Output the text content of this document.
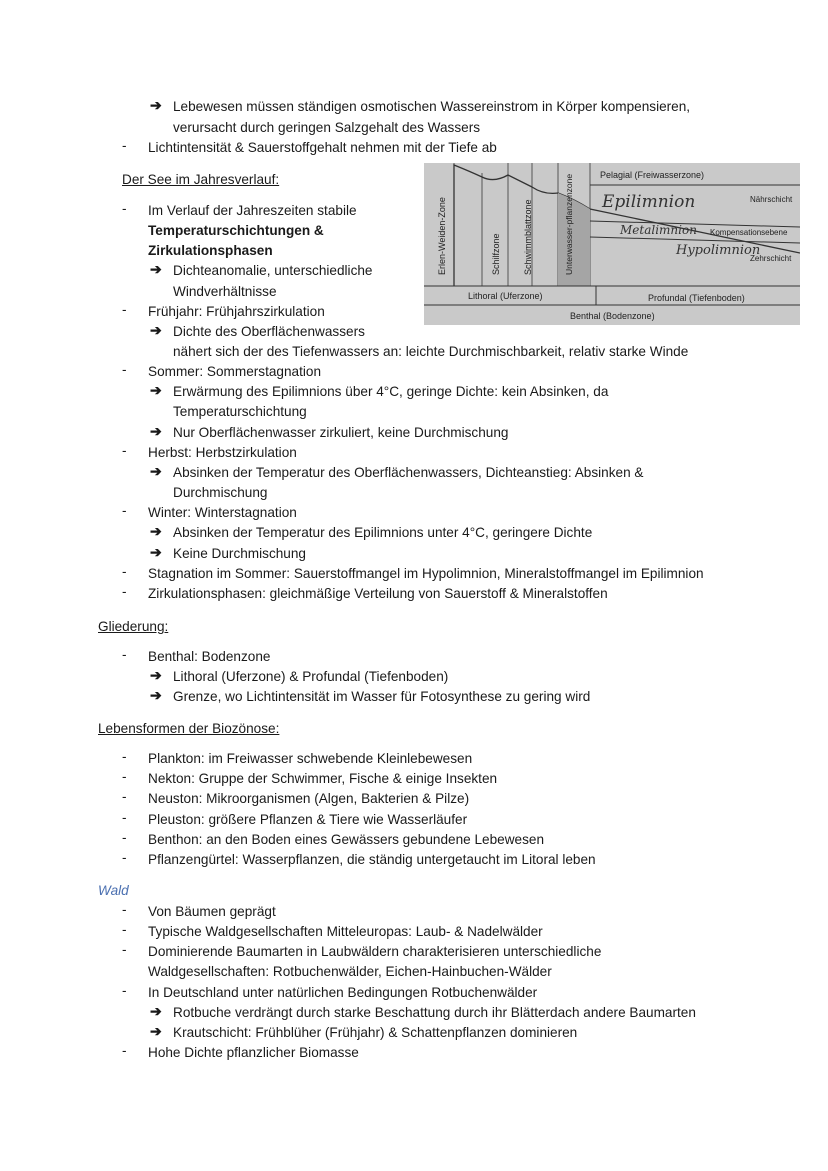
➔ Lebewesen müssen ständigen osmotischen Wassereinstrom in Körper kompensieren,
verursacht durch geringen Salzgehalt des Wassers
-	Lichtintensität & Sauerstoffgehalt nehmen mit der Tiefe ab
Der See im Jahresverlauf:
-	Im Verlauf der Jahreszeiten stabile
Temperaturschichtungen &
Zirkulationsphasen
➔ Dichteanomalie, unterschiedliche
Windverhältnisse
-	Frühjahr: Frühjahrszirkulation
➔ Dichte des Oberflächenwassers
nähert sich der des Tiefenwassers an: leichte Durchmischbarkeit, relativ starke Winde
-	Sommer: Sommerstagnation
➔ Erwärmung des Epilimnions über 4°C, geringe Dichte: kein Absinken, da
Temperaturschichtung
➔ Nur Oberflächenwasser zirkuliert, keine Durchmischung
-	Herbst: Herbstzirkulation
➔ Absinken der Temperatur des Oberflächenwassers, Dichteanstieg: Absinken &
Durchmischung
-	Winter: Winterstagnation
➔ Absinken der Temperatur des Epilimnions unter 4°C, geringere Dichte
➔ Keine Durchmischung
-	Stagnation im Sommer: Sauerstoffmangel im Hypolimnion, Mineralstoffmangel im Epilimnion
-	Zirkulationsphasen: gleichmäßige Verteilung von Sauerstoff & Mineralstoffen
Gliederung:
-	Benthal: Bodenzone
➔ Lithoral (Uferzone) & Profundal (Tiefenboden)
➔ Grenze, wo Lichtintensität im Wasser für Fotosynthese zu gering wird
Lebensformen der Biozönose:
-	Plankton: im Freiwasser schwebende Kleinlebewesen
-	Nekton: Gruppe der Schwimmer, Fische & einige Insekten
-	Neuston: Mikroorganismen (Algen, Bakterien & Pilze)
-	Pleuston: größere Pflanzen & Tiere wie Wasserläufer
-	Benthon: an den Boden eines Gewässers gebundene Lebewesen
-	Pflanzengürtel: Wasserpflanzen, die ständig untergetaucht im Litoral leben
Wald
-	Von Bäumen geprägt
-	Typische Waldgesellschaften Mitteleuropas: Laub- & Nadelwälder
-	Dominierende Baumarten in Laubwäldern charakterisieren unterschiedliche
Waldgesellschaften: Rotbuchenwälder, Eichen-Hainbuchen-Wälder
-	In Deutschland unter natürlichen Bedingungen Rotbuchenwälder
➔ Rotbuche verdrängt durch starke Beschattung durch ihr Blätterdach andere Baumarten
➔ Krautschicht: Frühblüher (Frühjahr) & Schattenpflanzen dominieren
-	Hohe Dichte pflanzlicher Biomasse
Erlen-Weiden-Zone	Schilfzone Schwimmblattzone	Unterwasser-pflanzenzone	Pelagial (Freiwasserzone)
Epilimnion	Nährschicht
Metalimnion Kompensationsebene
Hypolimnion
Zehrschicht
Lithoral (Uferzone)	Profundal (Tiefenboden)
Benthal (Bodenzone)
